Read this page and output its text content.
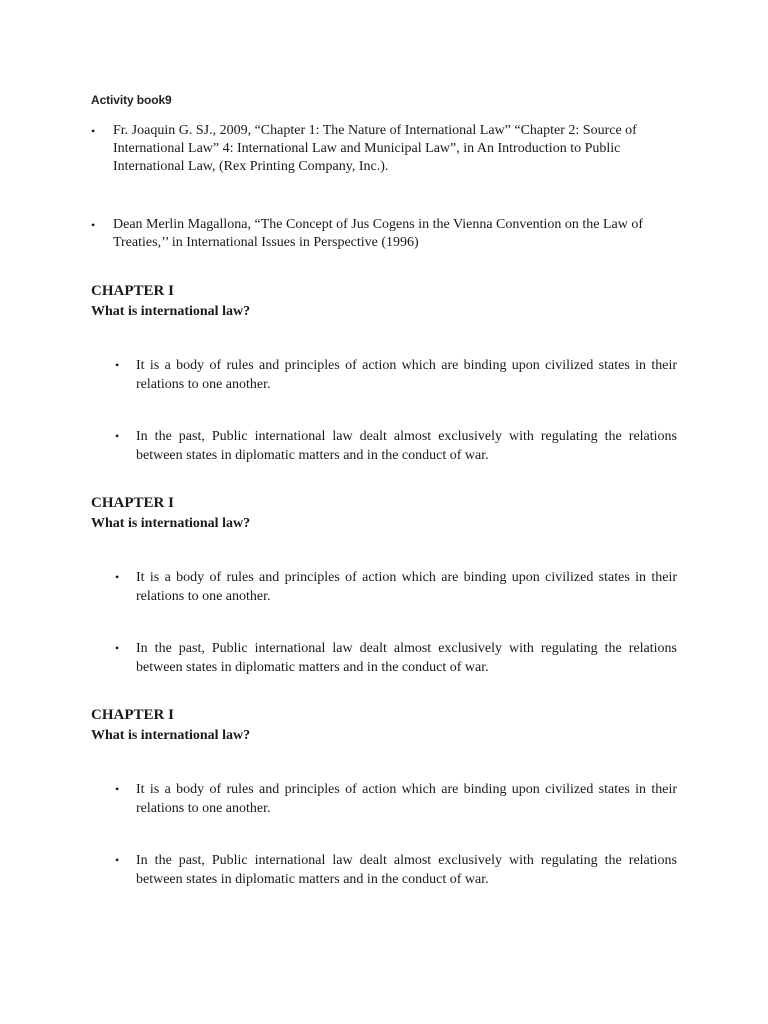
Activity book9
• Fr. Joaquin G. SJ., 2009, “Chapter 1: The Nature of International Law” “Chapter 2: Source of International Law” 4: International Law and Municipal Law”, in An Introduction to Public International Law, (Rex Printing Company, Inc.).
• Dean Merlin Magallona, “The Concept of Jus Cogens in the Vienna Convention on the Law of Treaties,’’ in International Issues in Perspective (1996)
CHAPTER I
What is international law?
• It is a body of rules and principles of action which are binding upon civilized states in their relations to one another.
• In the past, Public international law dealt almost exclusively with regulating the relations between states in diplomatic matters and in the conduct of war.
CHAPTER I
What is international law?
• It is a body of rules and principles of action which are binding upon civilized states in their relations to one another.
• In the past, Public international law dealt almost exclusively with regulating the relations between states in diplomatic matters and in the conduct of war.
CHAPTER I
What is international law?
• It is a body of rules and principles of action which are binding upon civilized states in their relations to one another.
• In the past, Public international law dealt almost exclusively with regulating the relations between states in diplomatic matters and in the conduct of war.
